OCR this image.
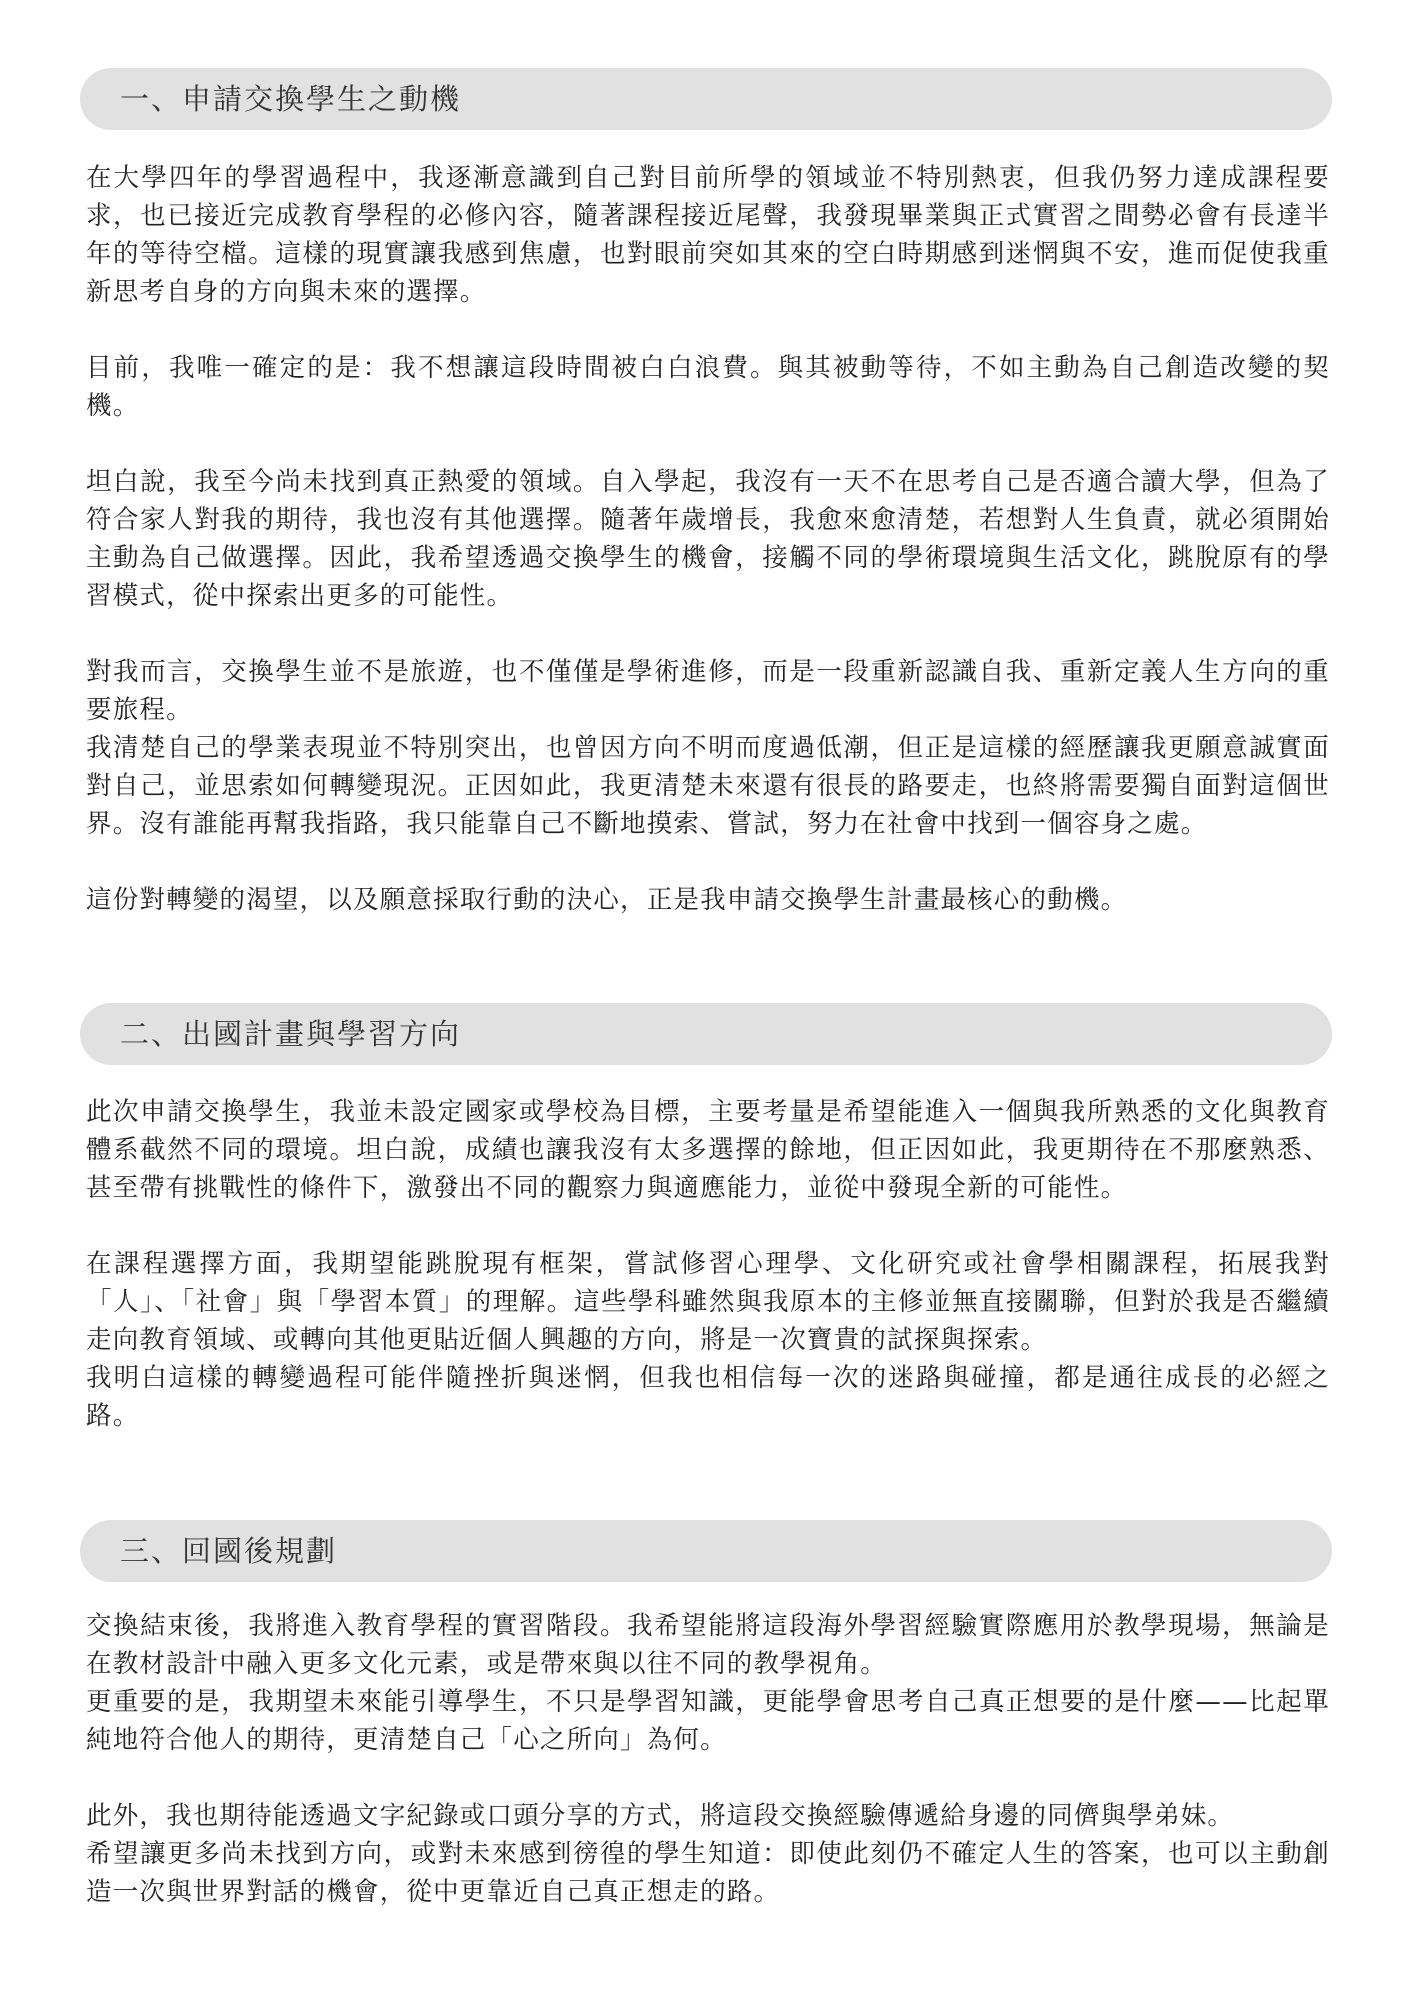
一、申請交換學生之動機

在大學四年的學習過程中，我逐漸意識到自己對目前所學的領域並不特別熱衷，但我仍努力達成課程要求，也已接近完成教育學程的必修內容，隨著課程接近尾聲，我發現畢業與正式實習之間勢必會有長達半年的等待空檔。這樣的現實讓我感到焦慮，也對眼前突如其來的空白時期感到迷惘與不安，進而促使我重新思考自身的方向與未來的選擇。

目前，我唯一確定的是：我不想讓這段時間被白白浪費。與其被動等待，不如主動為自己創造改變的契機。

坦白說，我至今尚未找到真正熱愛的領域。自入學起，我沒有一天不在思考自己是否適合讀大學，但為了符合家人對我的期待，我也沒有其他選擇。隨著年歲增長，我愈來愈清楚，若想對人生負責，就必須開始主動為自己做選擇。因此，我希望透過交換學生的機會，接觸不同的學術環境與生活文化，跳脫原有的學習模式，從中探索出更多的可能性。

對我而言，交換學生並不是旅遊，也不僅僅是學術進修，而是一段重新認識自我、重新定義人生方向的重要旅程。

我清楚自己的學業表現並不特別突出，也曾因方向不明而度過低潮，但正是這樣的經歷讓我更願意誠實面對自己，並思索如何轉變現況。正因如此，我更清楚未來還有很長的路要走，也終將需要獨自面對這個世界。沒有誰能再幫我指路，我只能靠自己不斷地摸索、嘗試，努力在社會中找到一個容身之處。

這份對轉變的渴望，以及願意採取行動的決心，正是我申請交換學生計畫最核心的動機。

二、出國計畫與學習方向

此次申請交換學生，我並未設定國家或學校為目標，主要考量是希望能進入一個與我所熟悉的文化與教育體系截然不同的環境。坦白說，成績也讓我沒有太多選擇的餘地，但正因如此，我更期待在不那麼熟悉、甚至帶有挑戰性的條件下，激發出不同的觀察力與適應能力，並從中發現全新的可能性。

在課程選擇方面，我期望能跳脫現有框架，嘗試修習心理學、文化研究或社會學相關課程，拓展我對「人」、「社會」與「學習本質」的理解。這些學科雖然與我原本的主修並無直接關聯，但對於我是否繼續走向教育領域、或轉向其他更貼近個人興趣的方向，將是一次寶貴的試探與探索。

我明白這樣的轉變過程可能伴隨挫折與迷惘，但我也相信每一次的迷路與碰撞，都是通往成長的必經之路。

三、回國後規劃

交換結束後，我將進入教育學程的實習階段。我希望能將這段海外學習經驗實際應用於教學現場，無論是在教材設計中融入更多文化元素，或是帶來與以往不同的教學視角。

更重要的是，我期望未來能引導學生，不只是學習知識，更能學會思考自己真正想要的是什麼——比起單純地符合他人的期待，更清楚自己「心之所向」為何。

此外，我也期待能透過文字紀錄或口頭分享的方式，將這段交換經驗傳遞給身邊的同儕與學弟妹。

希望讓更多尚未找到方向，或對未來感到徬徨的學生知道：即使此刻仍不確定人生的答案，也可以主動創造一次與世界對話的機會，從中更靠近自己真正想走的路。
